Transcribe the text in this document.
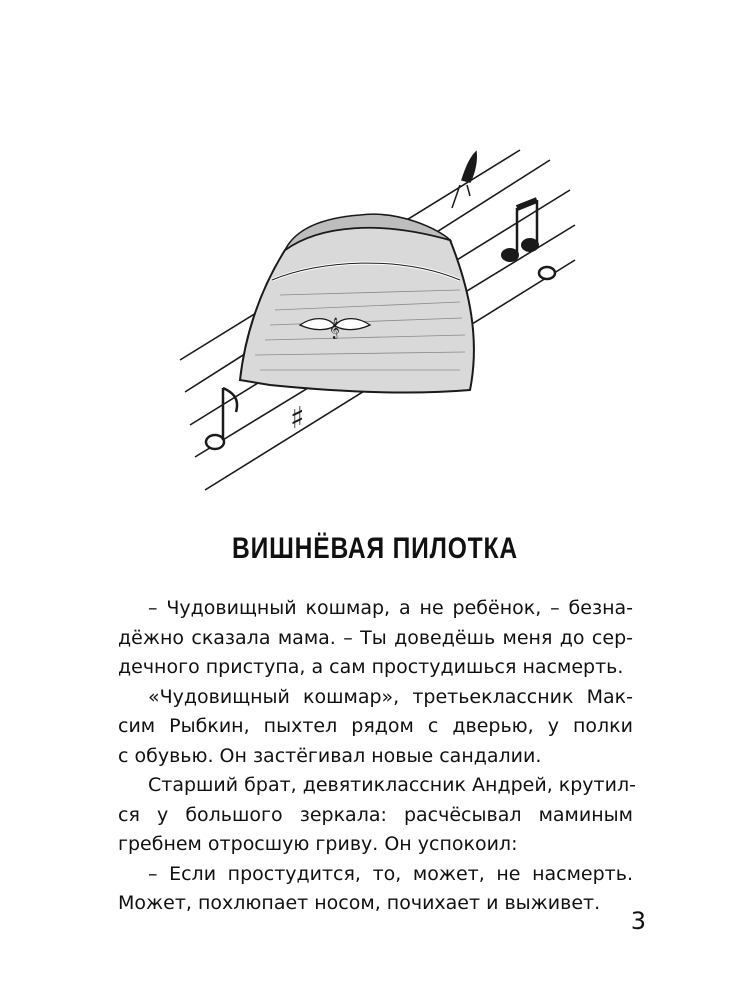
𝄞
♯
ВИШНЁВАЯ ПИЛОТКА
– Чудовищный кошмар, а не ребёнок, – безна-
дёжно сказала мама. – Ты доведёшь меня до сер-
дечного приступа, а сам простудишься насмерть.
«Чудовищный кошмар», третьеклассник Мак-
сим Рыбкин, пыхтел рядом с дверью, у полки
с обувью. Он застёгивал новые сандалии.
Старший брат, девятиклассник Андрей, крутил-
ся у большого зеркала: расчёсывал маминым
гребнем отросшую гриву. Он успокоил:
– Если простудится, то, может, не насмерть.
Может, похлюпает носом, почихает и выживет.
3
